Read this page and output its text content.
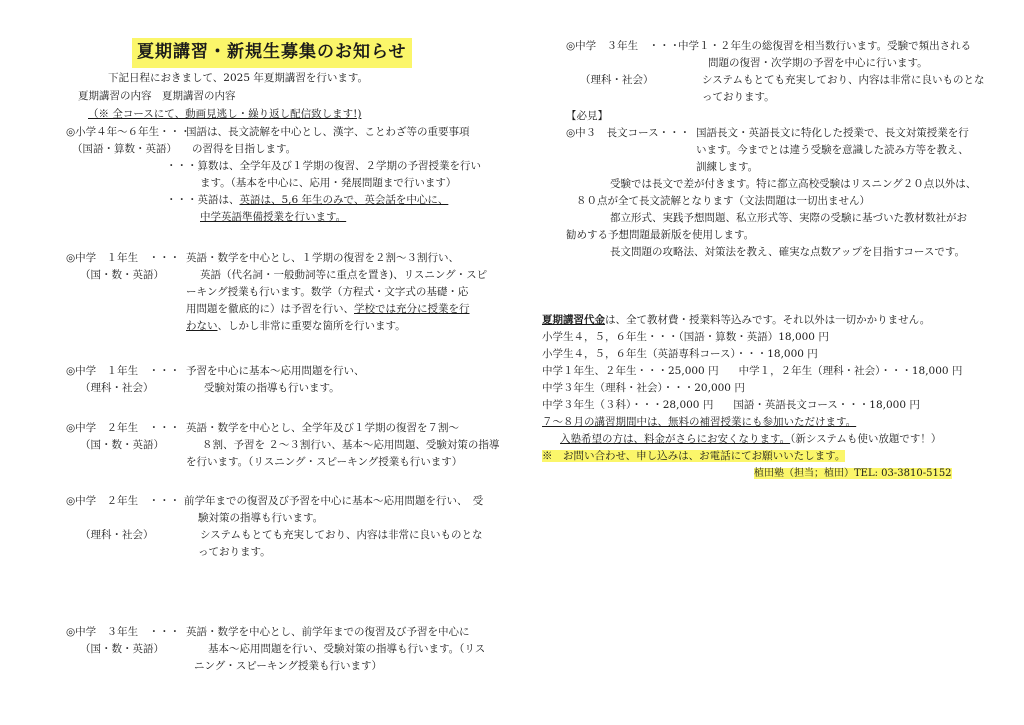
夏期講習・新規生募集のお知らせ
下記日程におきまして、2025 年夏期講習を行います。
夏期講習の内容　夏期講習の内容
（※ 全コースにて、動画見逃し・繰り返し配信致します!)
◎小学４年〜６年生・・・
国語は、長文読解を中心とし、漢字、ことわざ等の重要事項
（国語・算数・英語）	の習得を目指します。
・・・算数は、全学年及び１学期の復習、２学期の予習授業を行い
ます。（基本を中心に、応用・発展問題まで行います）
・・・英語は、英語は、5,6 年生のみで、英会話を中心に、
中学英語準備授業を行います。
◎中学　１年生　・・・ 英語・数学を中心とし、１学期の復習を２割〜３割行い、
（国・数・英語）	英語（代名詞・一般動詞等に重点を置き)、リスニング・スピ
ーキング授業も行います。数学（方程式・文字式の基礎・応
用問題を徹底的に）は予習を行い、学校では充分に授業を行
わない、しかし非常に重要な箇所を行います。
◎中学　１年生　・・・ 予習を中心に基本〜応用問題を行い、
（理科・社会）	受験対策の指導も行います。
◎中学　２年生　・・・ 英語・数学を中心とし、全学年及び１学期の復習を７割〜
（国・数・英語）	８割、予習を ２〜３割行い、基本〜応用問題、受験対策の指導
を行います。（リスニング・スピーキング授業も行います）
◎中学　２年生　・・・ 前学年までの復習及び予習を中心に基本〜応用問題を行い、　受
験対策の指導も行います。
（理科・社会）	システムもとても充実しており、内容は非常に良いものとな
っております。
◎中学　３年生　・・・ 英語・数学を中心とし、前学年までの復習及び予習を中心に
（国・数・英語）	基本〜応用問題を行い、受験対策の指導も行います。（リス
ニング・スピーキング授業も行います）
◎中学　３年生　・・・
中学１・２年生の総復習を相当数行います。受験で頻出される
問題の復習・次学期の予習を中心に行います。
（理科・社会）	システムもとても充実しており、内容は非常に良いものとな
っております。
【必見】
◎中３　長文コース・・・ 国語長文・英語長文に特化した授業で、長文対策授業を行
います。今までとは違う受験を意識した読み方等を教え、
訓練します。
受験では長文で差が付きます。特に都立高校受験はリスニング２０点以外は、
８０点が全て長文読解となります（文法問題は一切出ません）
都立形式、実践予想問題、私立形式等、実際の受験に基づいた教材数社がお
勧めする予想問題最新版を使用します。
長文問題の攻略法、対策法を教え、確実な点数アップを目指すコースです。
夏期講習代金は、全て教材費・授業料等込みです。それ以外は一切かかりません。
小学生４，５，６年生・・・（国語・算数・英語）18,000 円
小学生４，５，６年生（英語専科コース）・・・18,000 円
中学１年生、２年生・・・25,000 円 中学１，２年生（理科・社会）・・・18,000 円
中学３年生（理科・社会）・・・20,000 円
中学３年生（３科）・・・28,000 円 国語・英語長文コース・・・18,000 円
７〜８月の講習期間中は、無料の補習授業にも参加いただけます。
入塾希望の方は、料金がさらにお安くなります。（新システムも使い放題です！）
※　お問い合わせ、申し込みは、お電話にてお願いいたします。
植田塾（担当；植田）TEL: 03-3810-5152
